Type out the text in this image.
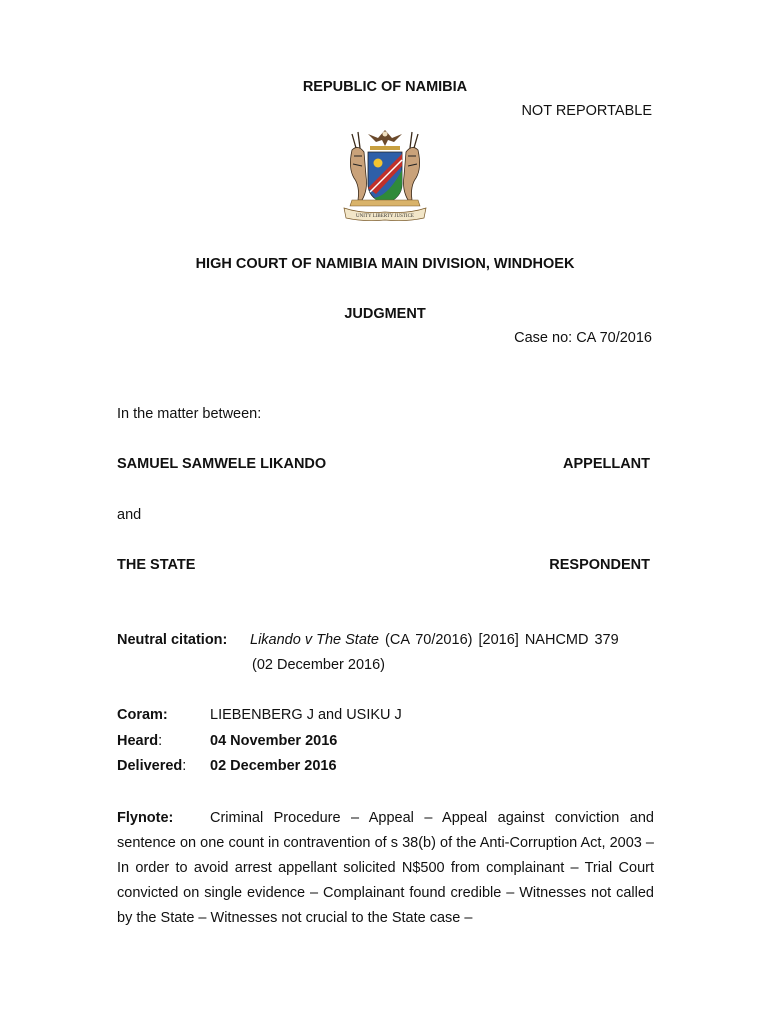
REPUBLIC OF NAMIBIA
NOT REPORTABLE
UNITY LIBERTY JUSTICE
HIGH COURT OF NAMIBIA MAIN DIVISION, WINDHOEK
JUDGMENT
Case no: CA 70/2016
In the matter between:
SAMUEL SAMWELE LIKANDO	APPELLANT
and
THE STATE	RESPONDENT
Neutral citation: Likando v The State (CA 70/2016) [2016] NAHCMD 379
(02 December 2016)
Coram:	LIEBENBERG J and USIKU J
Heard:	04 November 2016
Delivered: 02 December 2016
Flynote:	Criminal Procedure – Appeal – Appeal against conviction and sentence on one count in contravention of s 38(b) of the Anti-Corruption Act, 2003 – In order to avoid arrest appellant solicited N$500 from complainant – Trial Court convicted on single evidence – Complainant found credible – Witnesses not called by the State – Witnesses not crucial to the State case –
